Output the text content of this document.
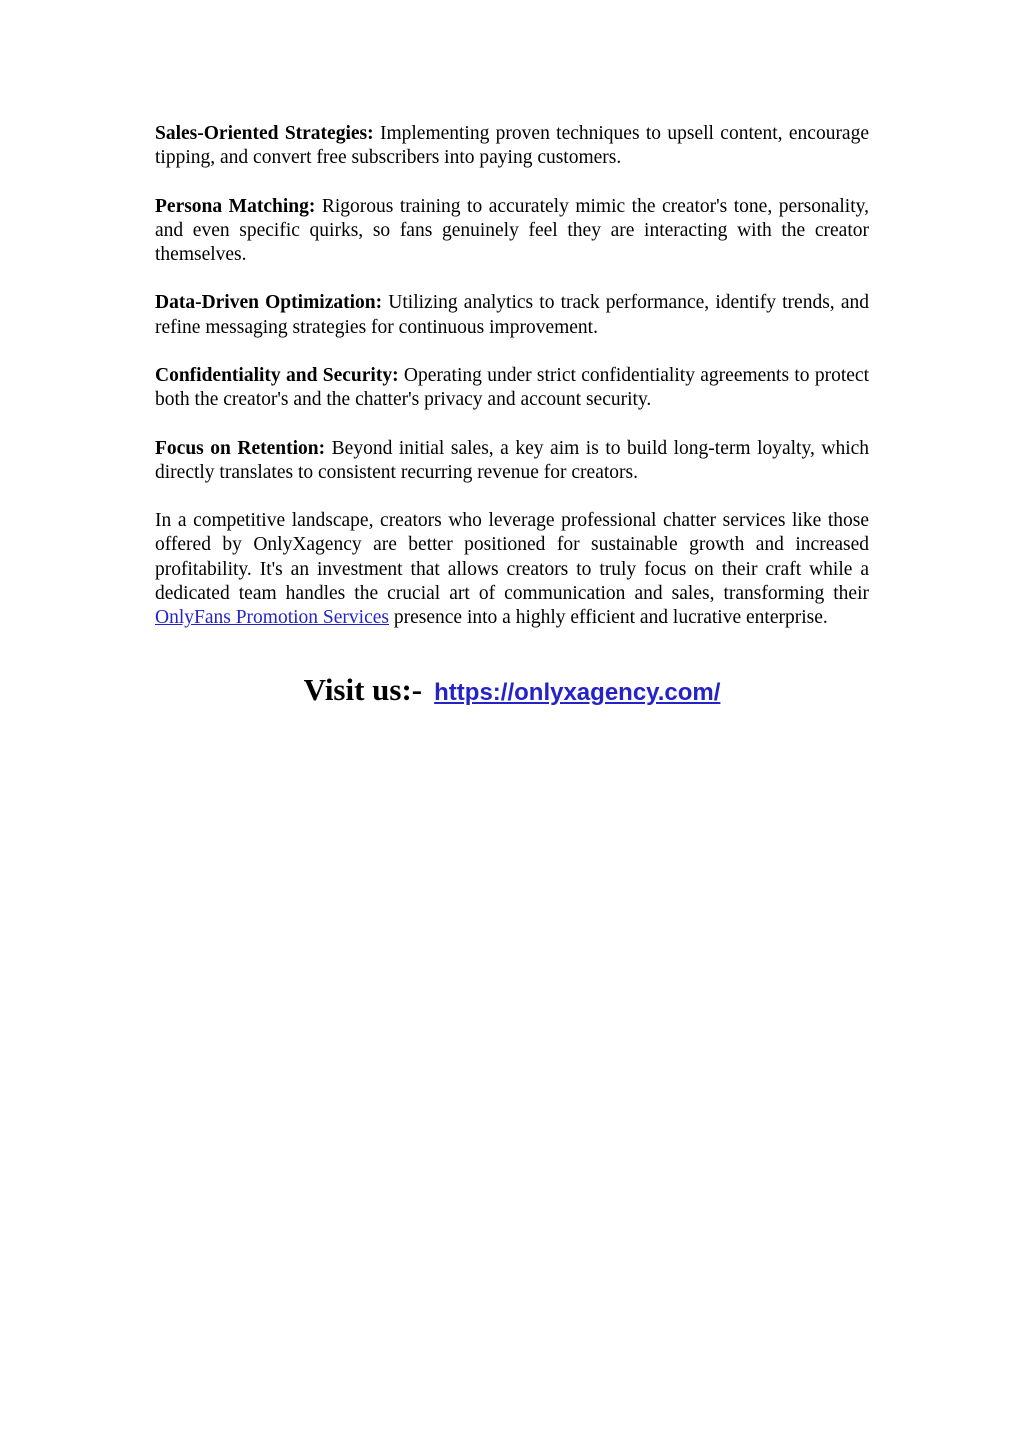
Sales-Oriented Strategies: Implementing proven techniques to upsell content, encourage tipping, and convert free subscribers into paying customers.

Persona Matching: Rigorous training to accurately mimic the creator's tone, personality, and even specific quirks, so fans genuinely feel they are interacting with the creator themselves.

Data-Driven Optimization: Utilizing analytics to track performance, identify trends, and refine messaging strategies for continuous improvement.

Confidentiality and Security: Operating under strict confidentiality agreements to protect both the creator's and the chatter's privacy and account security.

Focus on Retention: Beyond initial sales, a key aim is to build long-term loyalty, which directly translates to consistent recurring revenue for creators.

In a competitive landscape, creators who leverage professional chatter services like those offered by OnlyXagency are better positioned for sustainable growth and increased profitability. It's an investment that allows creators to truly focus on their craft while a dedicated team handles the crucial art of communication and sales, transforming their OnlyFans Promotion Services presence into a highly efficient and lucrative enterprise.

Visit us:- https://onlyxagency.com/
